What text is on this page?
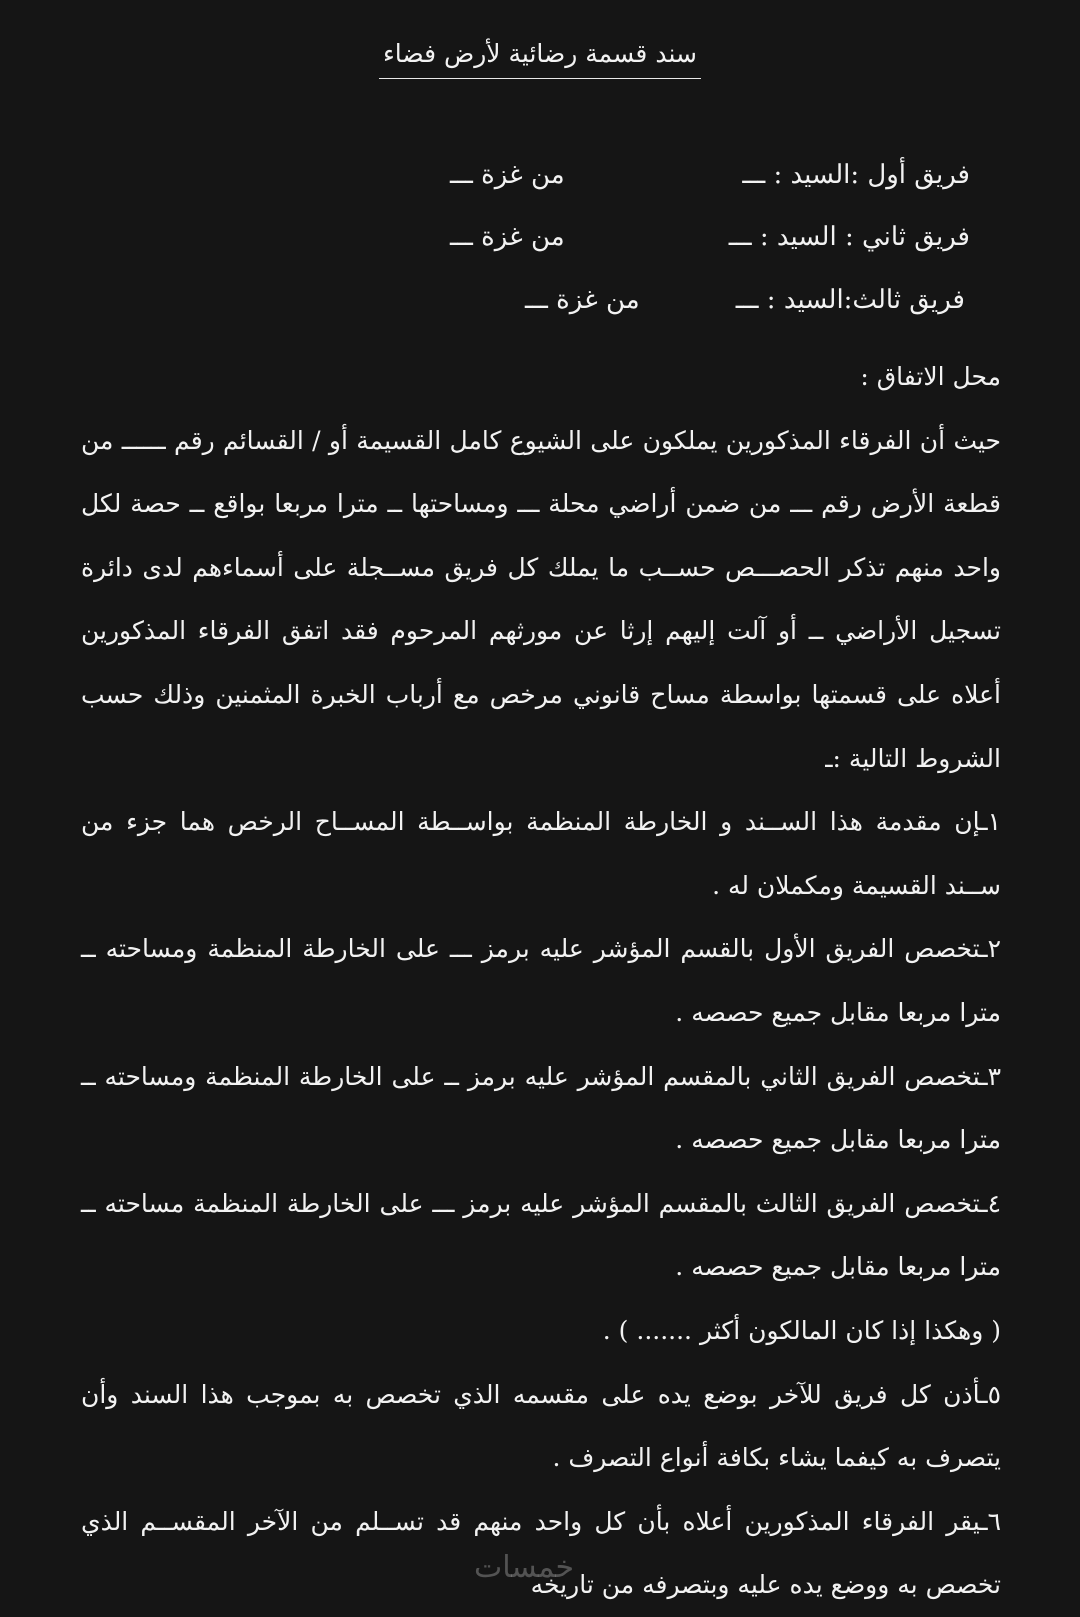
سند قسمة رضائية لأرض فضاء
فريق أول :السيد : ـــ
من غزة ـــ
فريق ثاني : السيد : ـــ
من غزة ـــ
فريق ثالث:السيد : ـــ
من غزة ـــ

محل الاتفاق :

حيث أن الفرقاء المذكورين يملكون على الشيوع كامل القسيمة أو / القسائم رقم ــــــ من قطعة الأرض رقم ـــ من ضمن أراضي محلة ـــ ومساحتها ــ مترا مربعا بواقع ــ حصة لكل واحد منهم تذكر الحصـــص حســب ما يملك كل فريق مســجلة على أسماءهم لدى دائرة تسجيل الأراضي ــ أو آلت إليهم إرثا عن مورثهم المرحوم فقد اتفق الفرقاء المذكورين أعلاه على قسمتها بواسطة مساح قانوني مرخص مع أرباب الخبرة المثمنين وذلك حسب الشروط التالية :ـ

١ـإن مقدمة هذا الســند و الخارطة المنظمة بواســطة المســاح الرخص هما جزء من ســند القسيمة ومكملان له .

٢ـتخصص الفريق الأول بالقسم المؤشر عليه برمز ـــ على الخارطة المنظمة ومساحته ــ مترا مربعا مقابل جميع حصصه .

٣ـتخصص الفريق الثاني بالمقسم المؤشر عليه برمز ــ على الخارطة المنظمة ومساحته ــ مترا مربعا مقابل جميع حصصه .

٤ـتخصص الفريق الثالث بالمقسم المؤشر عليه برمز ـــ على الخارطة المنظمة مساحته ــ مترا مربعا مقابل جميع حصصه .

( وهكذا إذا كان المالكون أكثر ....... ) .

٥ـأذن كل فريق للآخر بوضع يده على مقسمه الذي تخصص به بموجب هذا السند وأن يتصرف به كيفما يشاء بكافة أنواع التصرف .

٦ـيقر الفرقاء المذكورين أعلاه بأن كل واحد منهم قد تســلم من الآخر المقســم الذي تخصص به ووضع يده عليه وبتصرفه من تاريخه

خمسات
